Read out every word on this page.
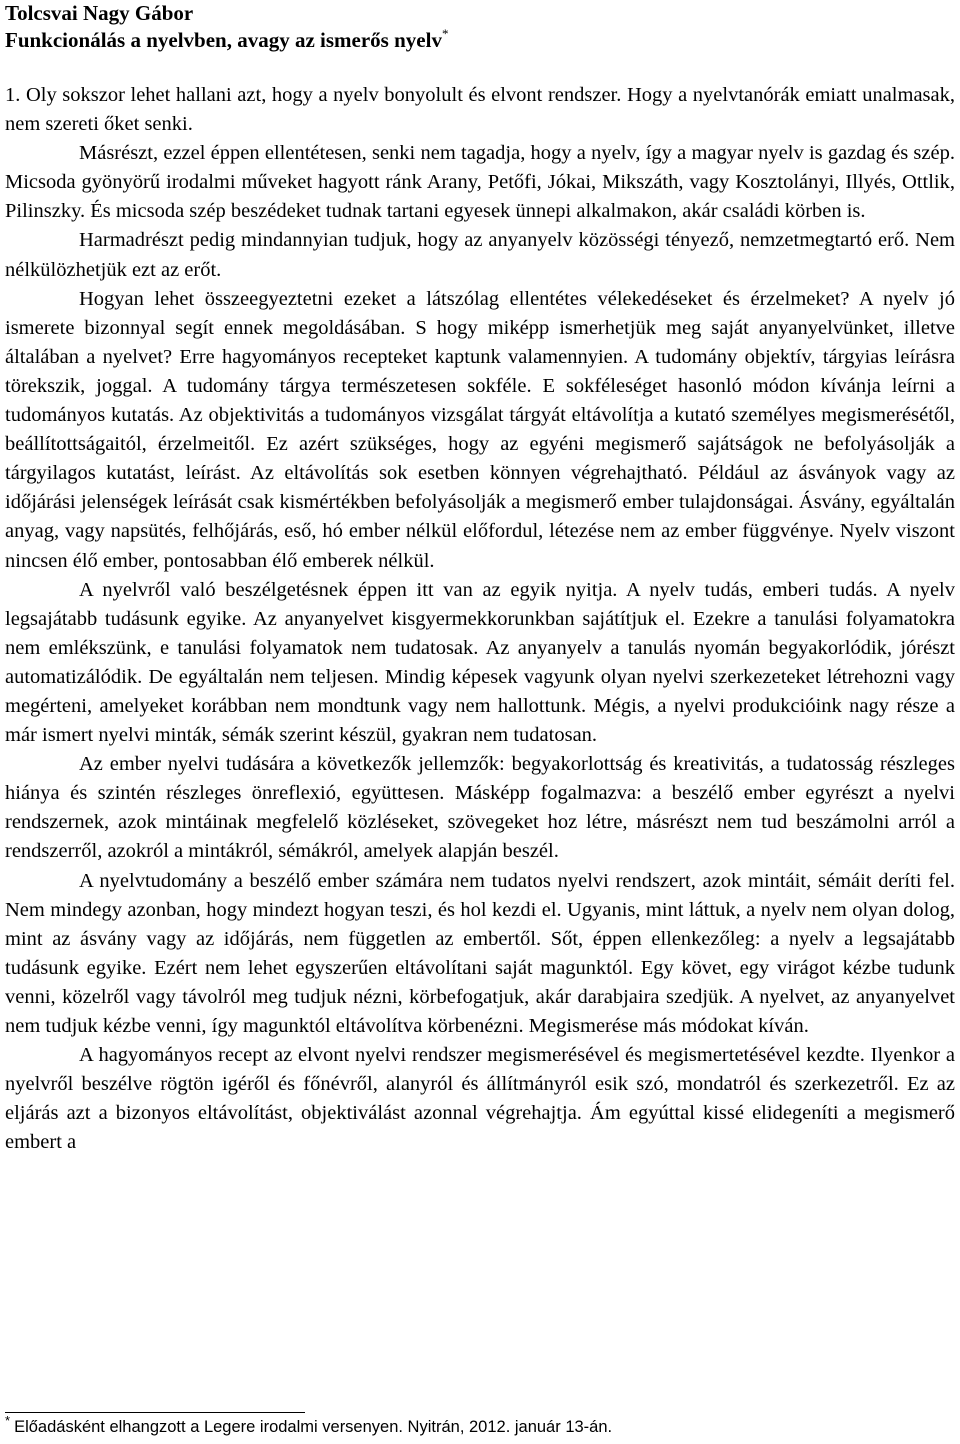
Tolcsvai Nagy Gábor

Funkcionálás a nyelvben, avagy az ismerős nyelv*

1. Oly sokszor lehet hallani azt, hogy a nyelv bonyolult és elvont rendszer. Hogy a nyelvtanórák emiatt unalmasak, nem szereti őket senki.

Másrészt, ezzel éppen ellentétesen, senki nem tagadja, hogy a nyelv, így a magyar nyelv is gazdag és szép. Micsoda gyönyörű irodalmi műveket hagyott ránk Arany, Petőfi, Jókai, Mikszáth, vagy Kosztolányi, Illyés, Ottlik, Pilinszky. És micsoda szép beszédeket tudnak tartani egyesek ünnepi alkalmakon, akár családi körben is.

Harmadrészt pedig mindannyian tudjuk, hogy az anyanyelv közösségi tényező, nemzetmegtartó erő. Nem nélkülözhetjük ezt az erőt.

Hogyan lehet összeegyeztetni ezeket a látszólag ellentétes vélekedéseket és érzelmeket? A nyelv jó ismerete bizonnyal segít ennek megoldásában. S hogy miképp ismerhetjük meg saját anyanyelvünket, illetve általában a nyelvet? Erre hagyományos recepteket kaptunk valamennyien. A tudomány objektív, tárgyias leírásra törekszik, joggal. A tudomány tárgya természetesen sokféle. E sokféleséget hasonló módon kívánja leírni a tudományos kutatás. Az objektivitás a tudományos vizsgálat tárgyát eltávolítja a kutató személyes megismerésétől, beállítottságaitól, érzelmeitől. Ez azért szükséges, hogy az egyéni megismerő sajátságok ne befolyásolják a tárgyilagos kutatást, leírást. Az eltávolítás sok esetben könnyen végrehajtható. Például az ásványok vagy az időjárási jelenségek leírását csak kismértékben befolyásolják a megismerő ember tulajdonságai. Ásvány, egyáltalán anyag, vagy napsütés, felhőjárás, eső, hó ember nélkül előfordul, létezése nem az ember függvénye. Nyelv viszont nincsen élő ember, pontosabban élő emberek nélkül.

A nyelvről való beszélgetésnek éppen itt van az egyik nyitja. A nyelv tudás, emberi tudás. A nyelv legsajátabb tudásunk egyike. Az anyanyelvet kisgyermekkorunkban sajátítjuk el. Ezekre a tanulási folyamatokra nem emlékszünk, e tanulási folyamatok nem tudatosak. Az anyanyelv a tanulás nyomán begyakorlódik, jórészt automatizálódik. De egyáltalán nem teljesen. Mindig képesek vagyunk olyan nyelvi szerkezeteket létrehozni vagy megérteni, amelyeket korábban nem mondtunk vagy nem hallottunk. Mégis, a nyelvi produkcióink nagy része a már ismert nyelvi minták, sémák szerint készül, gyakran nem tudatosan.

Az ember nyelvi tudására a következők jellemzők: begyakorlottság és kreativitás, a tudatosság részleges hiánya és szintén részleges önreflexió, együttesen. Másképp fogalmazva: a beszélő ember egyrészt a nyelvi rendszernek, azok mintáinak megfelelő közléseket, szövegeket hoz létre, másrészt nem tud beszámolni arról a rendszerről, azokról a mintákról, sémákról, amelyek alapján beszél.

A nyelvtudomány a beszélő ember számára nem tudatos nyelvi rendszert, azok mintáit, sémáit deríti fel. Nem mindegy azonban, hogy mindezt hogyan teszi, és hol kezdi el. Ugyanis, mint láttuk, a nyelv nem olyan dolog, mint az ásvány vagy az időjárás, nem független az embertől. Sőt, éppen ellenkezőleg: a nyelv a legsajátabb tudásunk egyike. Ezért nem lehet egyszerűen eltávolítani saját magunktól. Egy követ, egy virágot kézbe tudunk venni, közelről vagy távolról meg tudjuk nézni, körbefogatjuk, akár darabjaira szedjük. A nyelvet, az anyanyelvet nem tudjuk kézbe venni, így magunktól eltávolítva körbenézni. Megismerése más módokat kíván.

A hagyományos recept az elvont nyelvi rendszer megismerésével és megismertetésével kezdte. Ilyenkor a nyelvről beszélve rögtön igéről és főnévről, alanyról és állítmányról esik szó, mondatról és szerkezetről. Ez az eljárás azt a bizonyos eltávolítást, objektiválást azonnal végrehajtja. Ám egyúttal kissé elidegeníti a megismerő embert a

* Előadásként elhangzott a Legere irodalmi versenyen. Nyitrán, 2012. január 13-án.
